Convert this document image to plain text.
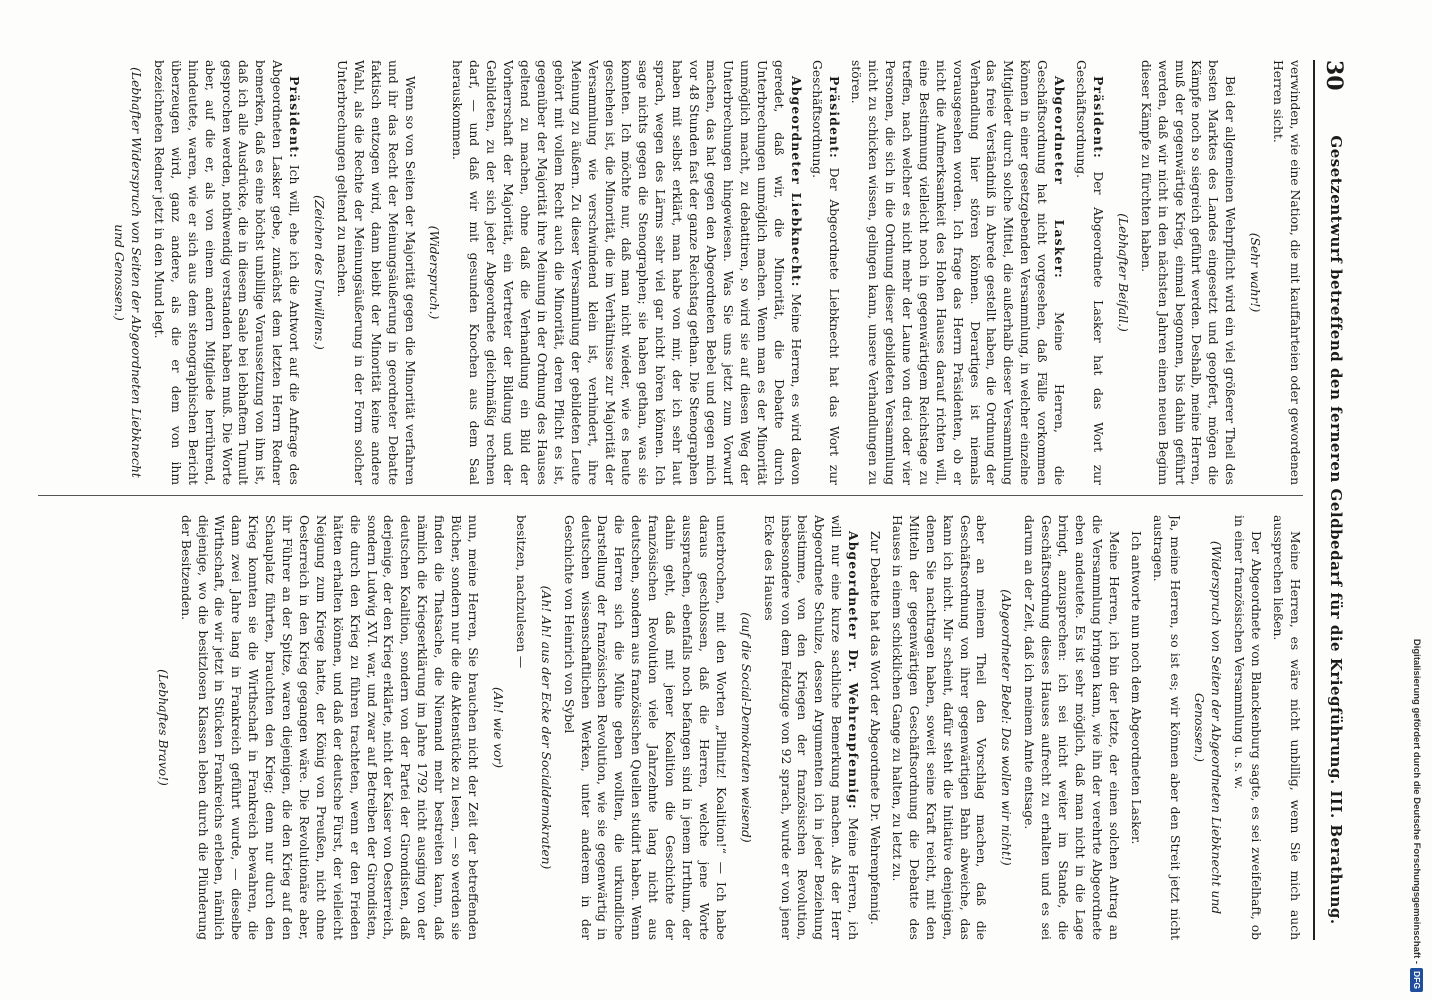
30
Gesetzentwurf betreffend den ferneren Geldbedarf für die Kriegführung. III. Berathung.

verwinden, wie eine Nation, die mit kauffahrteien oder gewordenen Herren sicht.

(Sehr wahr!)

Bei der allgemeinen Wehrpflicht wird ein viel größerer Theil des besten Marktes des Landes eingesetzt und geopfert, mögen die Kämpfe noch so siegreich geführt werden. Deshalb, meine Herren, muß der gegenwärtige Krieg, einmal begonnen, bis dahin geführt werden, daß wir nicht in den nächsten Jahren einen neuen Beginn dieser Kämpfe zu fürchten haben.

(Lebhafter Beifall.)

Präsident: Der Abgeordnete Lasker hat das Wort zur Geschäftsordnung.

Abgeordneter Lasker: Meine Herren, die Geschäftsordnung hat nicht vorgesehen, daß Fälle vorkommen können in einer gesetzgebenden Versammlung, in welcher einzelne Mitglieder durch solche Mittel, die außerhalb dieser Versammlung das freie Verständniß in Abrede gestellt haben, die Ordnung der Verhandlung hier stören können. Derartiges ist niemals vorausgesehen worden. Ich frage das Herrn Präsidenten, ob er nicht die Aufmerksamkeit des Hohen Hauses darauf richten will, eine Bestimmung vielleicht noch in gegenwärtigem Reichstage zu treffen, nach welcher es nicht mehr der Laune von drei oder vier Personen, die sich in die Ordnung dieser gebildeten Versammlung nicht zu schicken wissen, gelingen kann, unsere Verhandlungen zu stören.

Präsident: Der Abgeordnete Liebknecht hat das Wort zur Geschäftsordnung.

Abgeordneter Liebknecht: Meine Herren, es wird davon geredet, daß wir, die Minorität, die Debatte durch Unterbrechungen unmöglich machen. Wenn man es der Minorität unmöglich macht, zu debattiren, so wird sie auf diesen Weg der Unterbrechungen hingewiesen. Was Sie uns jetzt zum Vorwurf machen, das hat gegen den Abgeordneten Bebel und gegen mich vor 48 Stunden fast der ganze Reichstag gethan. Die Stenographen haben mit selbst erklärt, man habe von mir, der ich sehr laut sprach, wegen des Lärms sehr viel gar nicht hören können. Ich sage nichts gegen die Stenographen; sie haben gethan, was sie konnten. Ich möchte nur, daß man nicht wieder, wie es heute geschehen ist, die Minorität, die im Verhältnisse zur Majorität der Versammlung wie verschwindend klein ist, verhindert, ihre Meinung zu äußern. Zu dieser Versammlung der gebildeten Leute gehört mit vollem Recht auch die Minorität, deren Pflicht es ist, gegenüber der Majorität ihre Meinung in der Ordnung des Hauses geltend zu machen, ohne daß die Verhandlung ein Bild der Vorherrschaft der Majorität, ein Vertreter der Bildung und der Gebildeten, zu der sich jeder Abgeordnete gleichmäßig rechnen darf, — und daß wir mit gesunden Knochen aus dem Saal herauskommen.

(Widerspruch.)

Wenn so von Seiten der Majorität gegen die Minorität verfahren und ihr das Recht der Meinungsäußerung in geordneter Debatte faktisch entzogen wird, dann bleibt der Minorität keine andere Wahl, als die Rechte der Meinungsäußerung in der Form solcher Unterbrechungen geltend zu machen.

(Zeichen des Unwillens.)

Präsident: Ich will, ehe ich die Antwort auf die Anfrage des Abgeordneten Lasker gebe, zunächst dem letzten Herrn Redner bemerken, daß es eine höchst unbillige Voraussetzung von ihm ist, daß ich alle Ausdrücke, die in diesem Saale bei lebhaftem Tumult gesprochen werden, nothwendig verstanden haben muß. Die Worte aber, auf die er, als von einem andern Mitgliede herrührend, hindeutete, waren, wie er sich aus dem stenographischen Bericht überzeugen wird, ganz andere, als die er dem von ihm bezeichneten Redner jetzt in den Mund legt.

(Lebhafter Widerspruch von Seiten der Abgeordneten Liebknecht und Genossen.)

Meine Herren, es wäre nicht unbillig, wenn Sie mich auch aussprechen ließen.

Der Abgeordnete von Blanckenburg sagte, es sei zweifelhaft, ob in einer französischen Versammlung u. s. w.

(Widerspruch von Seiten der Abgeordneten Liebknecht und Genossen.)

Ja, meine Herren, so ist es; wir können aber den Streit jetzt nicht austragen.

Ich antworte nun noch dem Abgeordneten Lasker.

Meine Herren, ich bin der letzte, der einen solchen Antrag an die Versammlung bringen kann, wie ihn der verehrte Abgeordnete eben andeutete. Es ist sehr möglich, daß man nicht in die Lage bringt, anzusprechen: ich sei nicht weiter im Stande, die Geschäftsordnung dieses Hauses aufrecht zu erhalten und es sei darum an der Zeit, daß ich meinem Amte entsage.

(Abgeordneter Bebel: Das wollen wir nicht!)

aber an meinem Theil den Vorschlag machen, daß die Geschäftsordnung von ihrer gegenwärtigen Bahn abweiche, das kann ich nicht. Mir scheint, dafür steht die Initiative denjenigen, denen Sie nachtragen haben, soweit seine Kraft reicht, mit den Mitteln der gegenwärtigen Geschäftsordnung die Debatte des Hauses in einem schicklichen Gange zu halten, zu letzt zu.

Zur Debatte hat das Wort der Abgeordnete Dr. Wehrenpfennig.

Abgeordneter Dr. Wehrenpfennig: Meine Herren, ich will nur eine kurze sachliche Bemerkung machen. Als der Herr Abgeordnete Schulze, dessen Argumenten ich in jeder Beziehung beistimme, von den Kriegen der französischen Revolution, insbesondere von dem Feldzuge von 92 sprach, wurde er von jener Ecke des Hauses

(auf die Social-Demokraten weisend)

unterbrochen, mit den Worten „Pillnitz! Koalition!“ — Ich habe daraus geschlossen, daß die Herren, welche jene Worte aussprachen, ebenfalls noch befangen sind in jenem Irrthum, der dahin geht, daß mit jener Koalition die Geschichte der französischen Revolution viele Jahrzehnte lang nicht aus deutschen, sondern aus französischen Quellen studirt haben. Wenn die Herren sich die Mühe geben wollten, die urkundliche Darstellung der französischen Revolution, wie sie gegenwärtig in deutschen wissenschaftlichen Werken, unter anderem in der Geschichte von Heinrich von Sybel

(Ah! Ah! aus der Ecke der Socialdemokraten)

besitzen, nachzulesen —

(Ah! wie vor)

nun, meine Herren, Sie brauchen nicht der Zeit der betreffenden Bücher, sondern nur die die Aktenstücke zu lesen, — so werden sie finden die Thatsache, die Niemand mehr bestreiten kann, daß nämlich die Kriegserklärung im Jahre 1792 nicht ausging von der deutschen Koalition, sondern von der Partei der Girondisten, daß derjenige, der den Krieg erklärte, nicht der Kaiser von Oesterreich, sondern Ludwig XVI. war, und zwar auf Betreiben der Girondisten, die durch den Krieg zu führen trachteten, wenn er den Frieden hätten erhalten können, und daß der deutsche Fürst, der vielleicht Neigung zum Kriege hatte, der König von Preußen, nicht ohne Oesterreich in den Krieg gegangen wäre. Die Revolutionäre aber, ihr Führer an der Spitze, waren diejenigen, die den Krieg auf den Schauplatz führten, brauchten den Krieg; denn nur durch den Krieg konnten sie die Wirthschaft in Frankreich bewahren, die dann zwei Jahre lang in Frankreich geführt wurde, — dieselbe Wirthschaft, die wir jetzt in Stücken Frankreichs erleben, nämlich diejenige, wo die besitzlosen Klassen leben durch die Plünderung der Besitzenden.

(Lebhaftes Bravo!)	Digitalisierung gefördert durch die Deutsche Forschungsgemeinschaft -
DFG
